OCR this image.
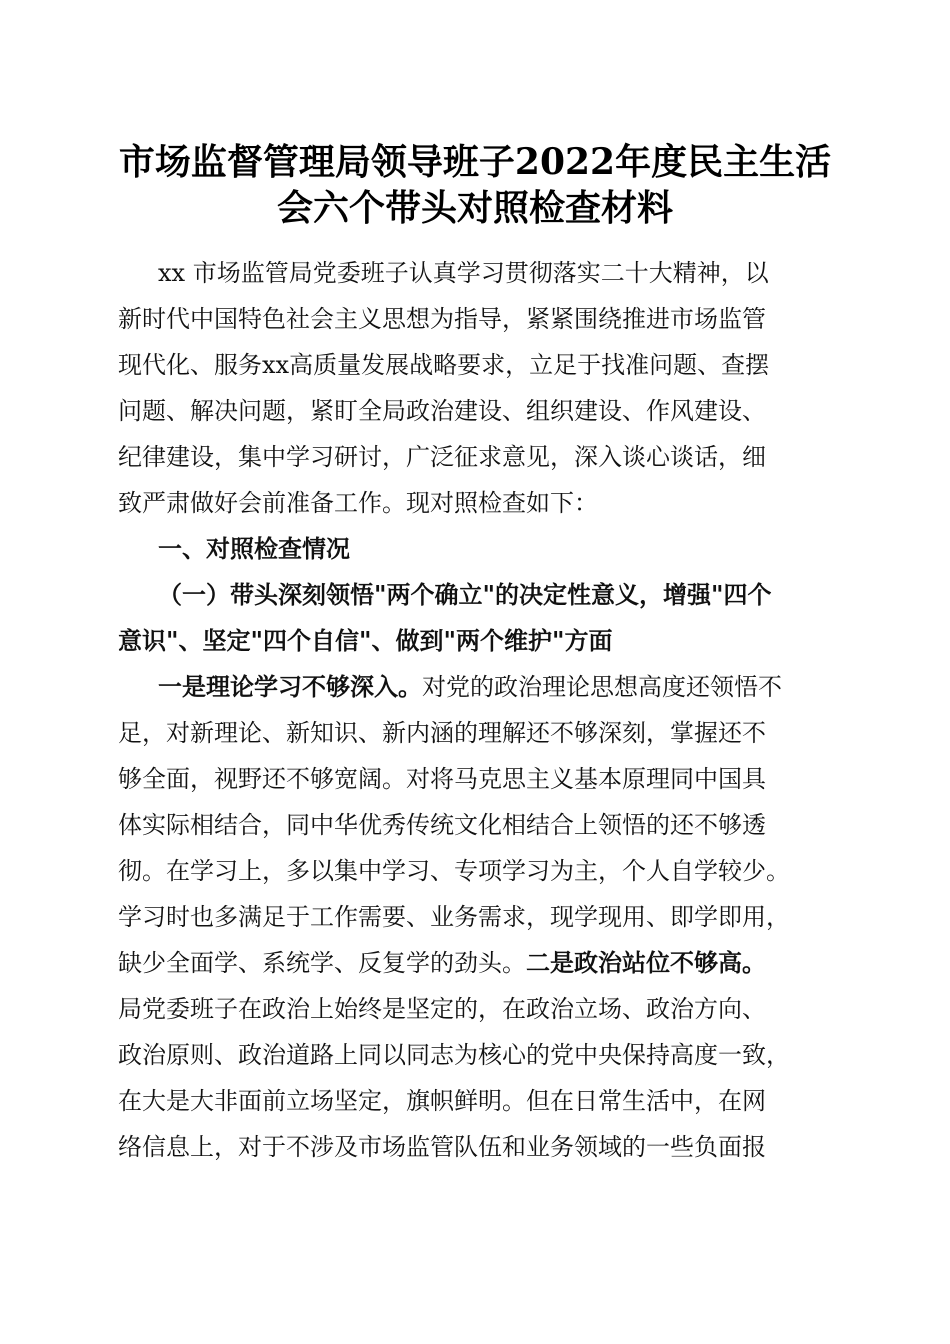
市场监督管理局领导班子2022年度民主生活
会六个带头对照检查材料
xx 市场监管局党委班子认真学习贯彻落实二十大精神，以
新时代中国特色社会主义思想为指导，紧紧围绕推进市场监管
现代化、服务xx高质量发展战略要求，立足于找准问题、查摆
问题、解决问题，紧盯全局政治建设、组织建设、作风建设、
纪律建设，集中学习研讨，广泛征求意见，深入谈心谈话，细
致严肃做好会前准备工作。现对照检查如下：
一、对照检查情况
（一）带头深刻领悟"两个确立"的决定性意义，增强"四个
意识"、坚定"四个自信"、做到"两个维护"方面
一是理论学习不够深入。对党的政治理论思想高度还领悟不
足，对新理论、新知识、新内涵的理解还不够深刻，掌握还不
够全面，视野还不够宽阔。对将马克思主义基本原理同中国具
体实际相结合，同中华优秀传统文化相结合上领悟的还不够透
彻。在学习上，多以集中学习、专项学习为主，个人自学较少。
学习时也多满足于工作需要、业务需求，现学现用、即学即用，
缺少全面学、系统学、反复学的劲头。二是政治站位不够高。
局党委班子在政治上始终是坚定的，在政治立场、政治方向、
政治原则、政治道路上同以同志为核心的党中央保持高度一致，
在大是大非面前立场坚定，旗帜鲜明。但在日常生活中，在网
络信息上，对于不涉及市场监管队伍和业务领域的一些负面报
